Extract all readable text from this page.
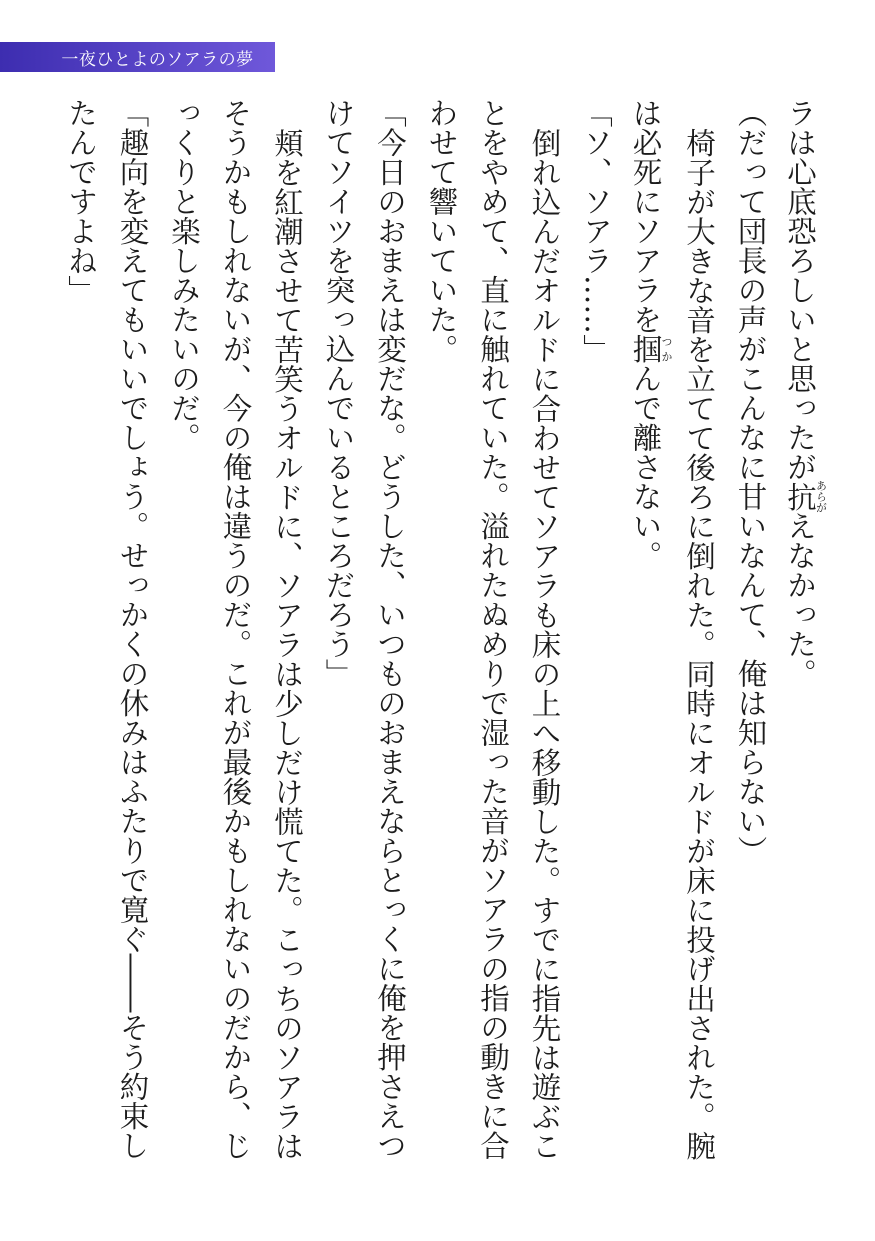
一夜ひとよのソアラの夢

ラは心底恐ろしいと思ったが抗あらがえなかった。

（だって団長の声がこんなに甘いなんて、俺は知らない）

椅子が大きな音を立てて後ろに倒れた。同時にオルドが床に投げ出された。腕

は必死にソアラを掴つかんで離さない。

「ソ、ソアラ……」

倒れ込んだオルドに合わせてソアラも床の上へ移動した。すでに指先は遊ぶこ

とをやめて、直に触れていた。溢れたぬめりで湿った音がソアラの指の動きに合

わせて響いていた。

「今日のおまえは変だな。どうした、いつものおまえならとっくに俺を押さえつ

けてソイツを突っ込んでいるところだろう」

頬を紅潮させて苦笑うオルドに、ソアラは少しだけ慌てた。こっちのソアラは

そうかもしれないが、今の俺は違うのだ。これが最後かもしれないのだから、じ

っくりと楽しみたいのだ。

「趣向を変えてもいいでしょう。せっかくの休みはふたりで寛ぐ――そう約束し

たんですよね」
